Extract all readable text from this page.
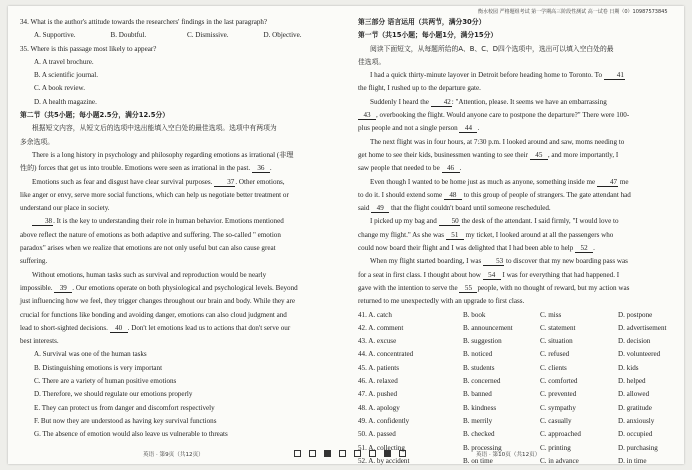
衡水校园 严格题组考试 第一学期高三阶段性测试 高一试卷 日期（0）10987573845

34. What is the author's attitude towards the researchers' findings in the last paragraph?

A. Supportive.	B. Doubtful.	C. Dismissive.	D. Objective.

35. Where is this passage most likely to appear?

A. A travel brochure.

B. A scientific journal.

C. A book review.

D. A health magazine.

第二节（共5小题；每小题2.5分，满分12.5分）

根据短文内容，从短文后的选项中选出能填入空白处的最佳选项。选项中有两项为

多余选项。

There is a long history in psychology and philosophy regarding emotions as irrational (非理

性的) forces that get us into trouble. Emotions were seen as irrational in the past. 36 .

Emotions such as fear and disgust have clear survival purposes. 37. Other emotions,

like anger or envy, serve more social functions, which can help us negotiate better treatment or

understand our place in society.

38. It is the key to understanding their role in human behavior. Emotions mentioned

above reflect the nature of emotions as both adaptive and suffering. The so-called " emotion

paradox" arises when we realize that emotions are not only useful but can also cause great

suffering.

Without emotions, human tasks such as survival and reproduction would be nearly

impossible. 39 . Our emotions operate on both physiological and psychological levels. Beyond

just influencing how we feel, they trigger changes throughout our brain and body. While they are

crucial for functions like bonding and avoiding danger, emotions can also cloud judgment and

lead to short-sighted decisions. 40 . Don't let emotions lead us to actions that don't serve our

best interests.

A. Survival was one of the human tasks

B. Distinguishing emotions is very important

C. There are a variety of human positive emotions

D. Therefore, we should regulate our emotions properly

E. They can protect us from danger and discomfort respectively

F. But now they are understood as having key survival functions

G. The absence of emotion would also leave us vulnerable to threats

英语 · 第9页（共12页）

第三部分 语言运用（共两节，满分30分）

第一节（共15小题；每小题1分，满分15分）

阅读下面短文，从每题所给的A、B、C、D四个选项中，选出可以填入空白处的最

佳选项。

I had a quick thirty-minute layover in Detroit before heading home to Toronto. To 41

the flight, I rushed up to the departure gate.

Suddenly I heard the 42: "Attention, please. It seems we have an embarrassing

43 , overbooking the flight. Would anyone care to postpone the departure?" There were 100-

plus people and not a single person 44 .

The next flight was in four hours, at 7:30 p.m. I looked around and saw, moms needing to

get home to see their kids, businessmen wanting to see their 45 , and more importantly, I

saw people that needed to be 46 .

Even though I wanted to be home just as much as anyone, something inside me 47 me

to do it. I should extend some 48 to this group of people of strangers. The gate attendant had

said 49 that the flight couldn't board until someone rescheduled.

I picked up my bag and 50 the desk of the attendant. I said firmly, "I would love to

change my flight." As she was 51 my ticket, I looked around at all the passengers who

could now board their flight and I was delighted that I had been able to help 52 .

When my flight started boarding, I was 53 to discover that my new boarding pass was

for a seat in first class. I thought about how 54 I was for everything that had happened. I

gave with the intention to serve the 55 people, with no thought of reward, but my action was

returned to me unexpectedly with an upgrade to first class.

41. A. catch	B. book	C. miss	D. postpone
42. A. comment	B. announcement	C. statement	D. advertisement
43. A. excuse	B. suggestion	C. situation	D. decision
44. A. concentrated	B. noticed	C. refused	D. volunteered
45. A. patients	B. students	C. clients	D. kids
46. A. relaxed	B. concerned	C. comforted	D. helped
47. A. pushed	B. banned	C. prevented	D. allowed
48. A. apology	B. kindness	C. sympathy	D. gratitude
49. A. confidently	B. merrily	C. casually	D. anxiously
50. A. passed	B. checked	C. approached	D. occupied
51. A. collecting	B. processing	C. printing	D. purchasing
52. A. by accident	B. on time	C. in advance	D. in time
英语 · 第10页（共12页）
